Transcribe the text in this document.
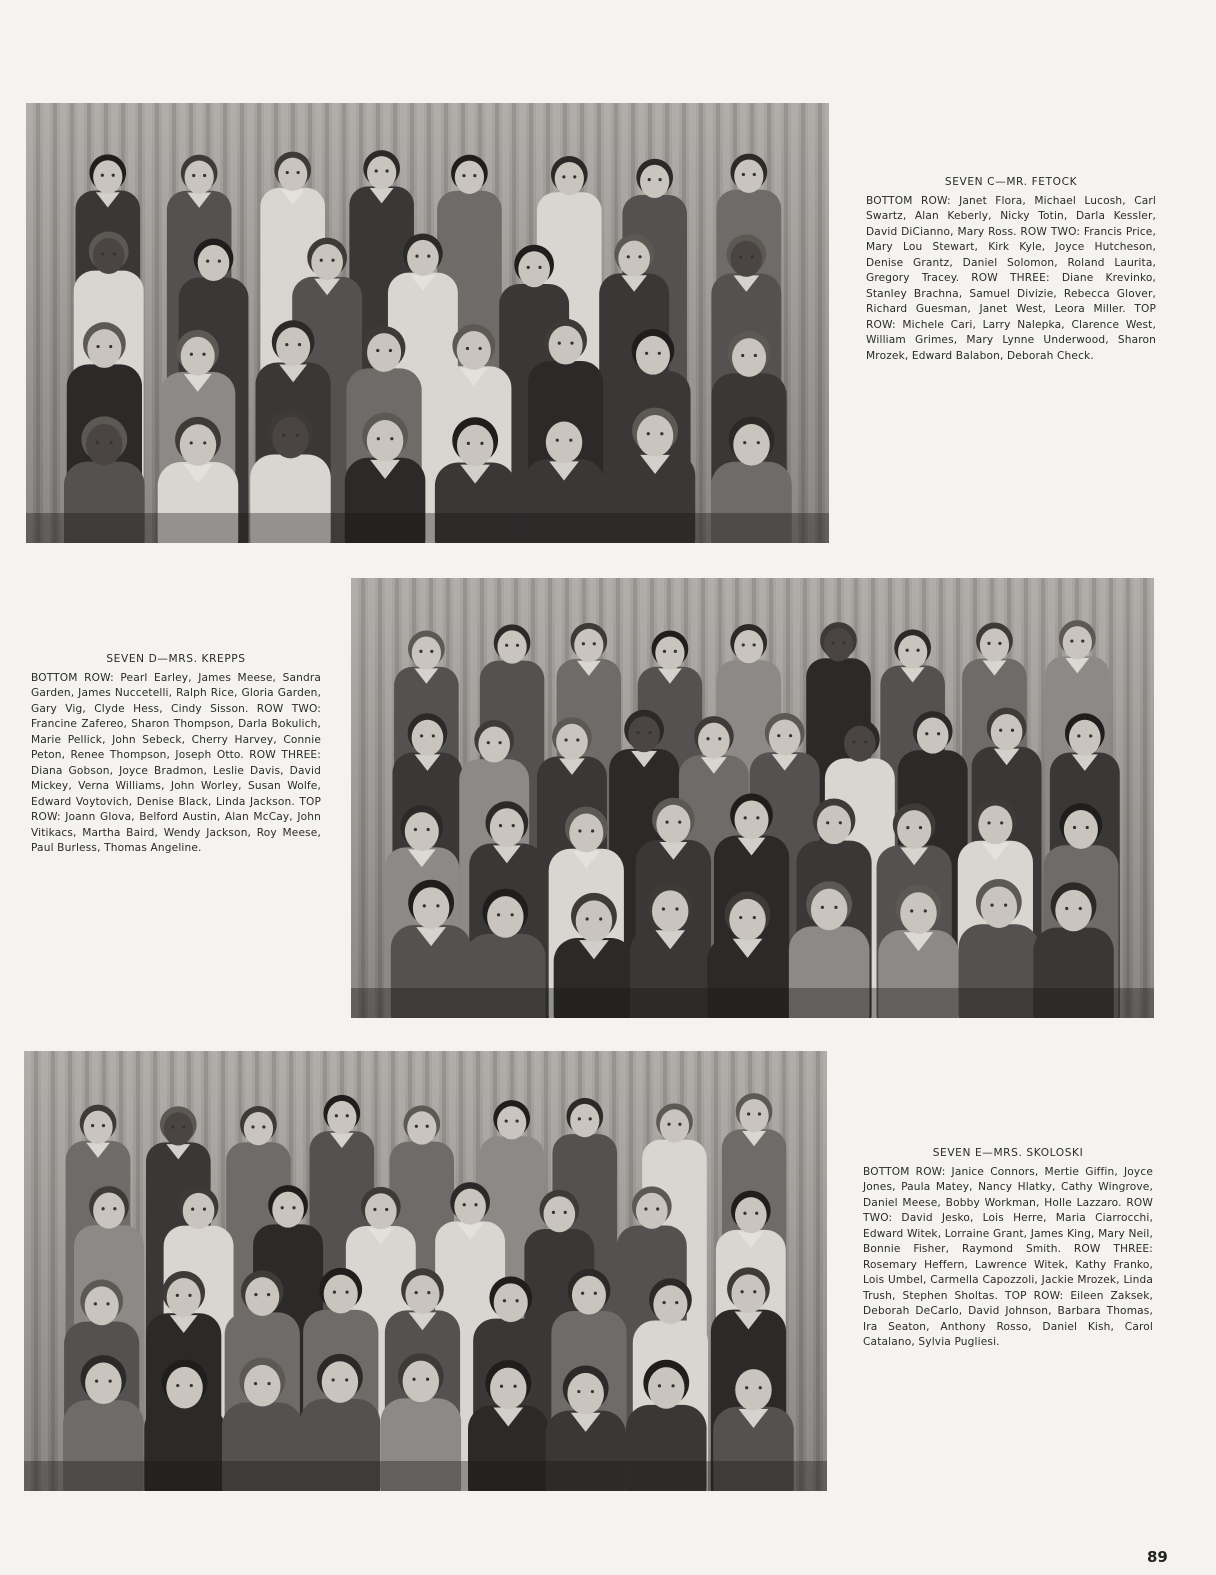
SEVEN C—MR. FETOCK
BOTTOM ROW: Janet Flora, Michael Lucosh, Carl Swartz, Alan Keberly, Nicky Totin, Darla Kessler, David DiCianno, Mary Ross. ROW TWO: Francis Price, Mary Lou Stewart, Kirk Kyle, Joyce Hutcheson, Denise Grantz, Daniel Solomon, Roland Laurita, Gregory Tracey. ROW THREE: Diane Krevinko, Stanley Brachna, Samuel Divizie, Rebecca Glover, Richard Guesman, Janet West, Leora Miller. TOP ROW: Michele Cari, Larry Nalepka, Clarence West, William Grimes, Mary Lynne Underwood, Sharon Mrozek, Edward Balabon, Deborah Check.
SEVEN D—MRS. KREPPS
BOTTOM ROW: Pearl Earley, James Meese, Sandra Garden, James Nuccetelli, Ralph Rice, Gloria Garden, Gary Vig, Clyde Hess, Cindy Sisson. ROW TWO: Francine Zafereo, Sharon Thompson, Darla Bokulich, Marie Pellick, John Sebeck, Cherry Harvey, Connie Peton, Renee Thompson, Joseph Otto. ROW THREE: Diana Gobson, Joyce Bradmon, Leslie Davis, David Mickey, Verna Williams, John Worley, Susan Wolfe, Edward Voytovich, Denise Black, Linda Jackson. TOP ROW: Joann Glova, Belford Austin, Alan McCay, John Vitikacs, Martha Baird, Wendy Jackson, Roy Meese, Paul Burless, Thomas Angeline.
SEVEN E—MRS. SKOLOSKI
BOTTOM ROW: Janice Connors, Mertie Giffin, Joyce Jones, Paula Matey, Nancy Hlatky, Cathy Wingrove, Daniel Meese, Bobby Workman, Holle Lazzaro. ROW TWO: David Jesko, Lois Herre, Maria Ciarrocchi, Edward Witek, Lorraine Grant, James King, Mary Neil, Bonnie Fisher, Raymond Smith. ROW THREE: Rosemary Heffern, Lawrence Witek, Kathy Franko, Lois Umbel, Carmella Capozzoli, Jackie Mrozek, Linda Trush, Stephen Sholtas. TOP ROW: Eileen Zaksek, Deborah DeCarlo, David Johnson, Barbara Thomas, Ira Seaton, Anthony Rosso, Daniel Kish, Carol Catalano, Sylvia Pugliesi.
89
